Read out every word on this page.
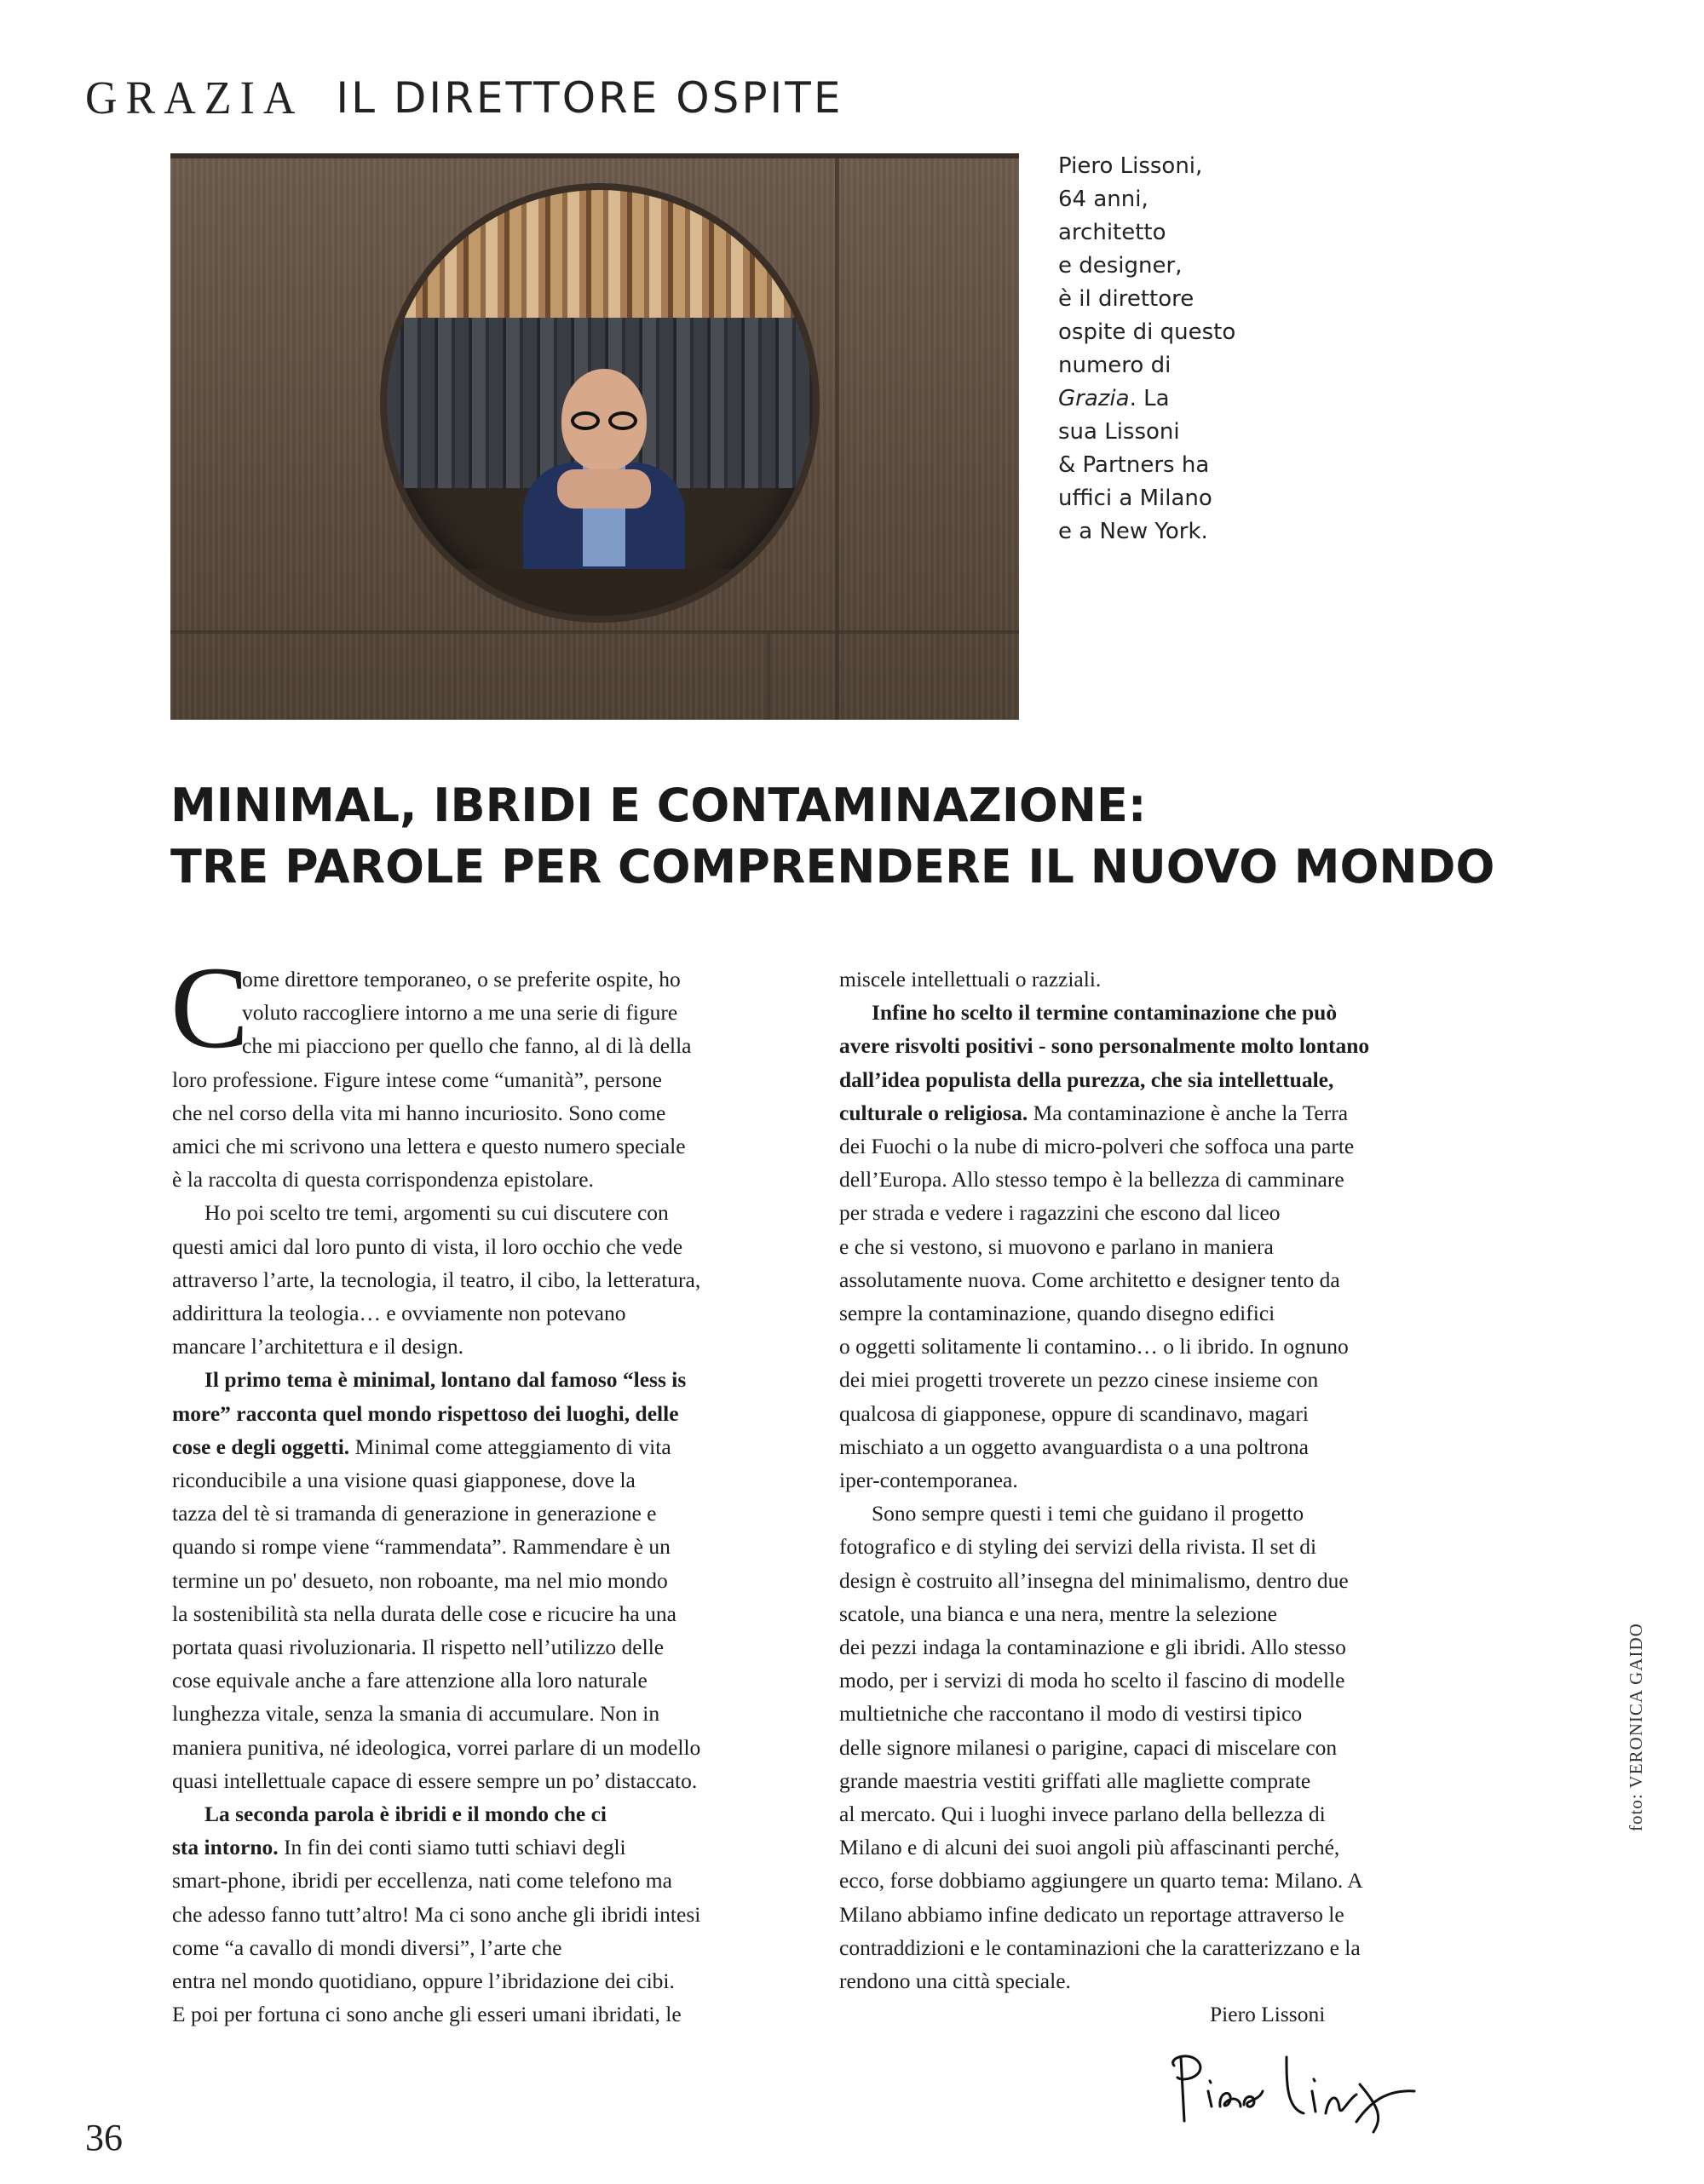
GRAZIA IL DIRETTORE OSPITE
Piero Lissoni,
64 anni,
architetto
e designer,
è il direttore
ospite di questo
numero di
Grazia. La
sua Lissoni
& Partners ha
uffici a Milano
e a New York.
MINIMAL, IBRIDI E CONTAMINAZIONE:
TRE PAROLE PER COMPRENDERE IL NUOVO MONDO
C
ome direttore temporaneo, o se preferite ospite, ho
voluto raccogliere intorno a me una serie di figure
che mi piacciono per quello che fanno, al di là della
loro professione. Figure intese come “umanità”, persone
che nel corso della vita mi hanno incuriosito. Sono come
amici che mi scrivono una lettera e questo numero speciale
è la raccolta di questa corrispondenza epistolare.
Ho poi scelto tre temi, argomenti su cui discutere con
questi amici dal loro punto di vista, il loro occhio che vede
attraverso l’arte, la tecnologia, il teatro, il cibo, la letteratura,
addirittura la teologia… e ovviamente non potevano
mancare l’architettura e il design.
Il primo tema è minimal, lontano dal famoso “less is
more” racconta quel mondo rispettoso dei luoghi, delle
cose e degli oggetti. Minimal come atteggiamento di vita
riconducibile a una visione quasi giapponese, dove la
tazza del tè si tramanda di generazione in generazione e
quando si rompe viene “rammendata”. Rammendare è un
termine un po' desueto, non roboante, ma nel mio mondo
la sostenibilità sta nella durata delle cose e ricucire ha una
portata quasi rivoluzionaria. Il rispetto nell’utilizzo delle
cose equivale anche a fare attenzione alla loro naturale
lunghezza vitale, senza la smania di accumulare. Non in
maniera punitiva, né ideologica, vorrei parlare di un modello
quasi intellettuale capace di essere sempre un po’ distaccato.
La seconda parola è ibridi e il mondo che ci
sta intorno. In fin dei conti siamo tutti schiavi degli
smart-phone, ibridi per eccellenza, nati come telefono ma
che adesso fanno tutt’altro! Ma ci sono anche gli ibridi intesi
come “a cavallo di mondi diversi”, l’arte che
entra nel mondo quotidiano, oppure l’ibridazione dei cibi.
E poi per fortuna ci sono anche gli esseri umani ibridati, le
miscele intellettuali o razziali.
Infine ho scelto il termine contaminazione che può
avere risvolti positivi - sono personalmente molto lontano
dall’idea populista della purezza, che sia intellettuale,
culturale o religiosa. Ma contaminazione è anche la Terra
dei Fuochi o la nube di micro-polveri che soffoca una parte
dell’Europa. Allo stesso tempo è la bellezza di camminare
per strada e vedere i ragazzini che escono dal liceo
e che si vestono, si muovono e parlano in maniera
assolutamente nuova. Come architetto e designer tento da
sempre la contaminazione, quando disegno edifici
o oggetti solitamente li contamino… o li ibrido. In ognuno
dei miei progetti troverete un pezzo cinese insieme con
qualcosa di giapponese, oppure di scandinavo, magari
mischiato a un oggetto avanguardista o a una poltrona
iper-contemporanea.
Sono sempre questi i temi che guidano il progetto
fotografico e di styling dei servizi della rivista. Il set di
design è costruito all’insegna del minimalismo, dentro due
scatole, una bianca e una nera, mentre la selezione
dei pezzi indaga la contaminazione e gli ibridi. Allo stesso
modo, per i servizi di moda ho scelto il fascino di modelle
multietniche che raccontano il modo di vestirsi tipico
delle signore milanesi o parigine, capaci di miscelare con
grande maestria vestiti griffati alle magliette comprate
al mercato. Qui i luoghi invece parlano della bellezza di
Milano e di alcuni dei suoi angoli più affascinanti perché,
ecco, forse dobbiamo aggiungere un quarto tema: Milano. A
Milano abbiamo infine dedicato un reportage attraverso le
contraddizioni e le contaminazioni che la caratterizzano e la
rendono una città speciale.
Piero Lissoni
foto: VERONICA GAIDO
36
